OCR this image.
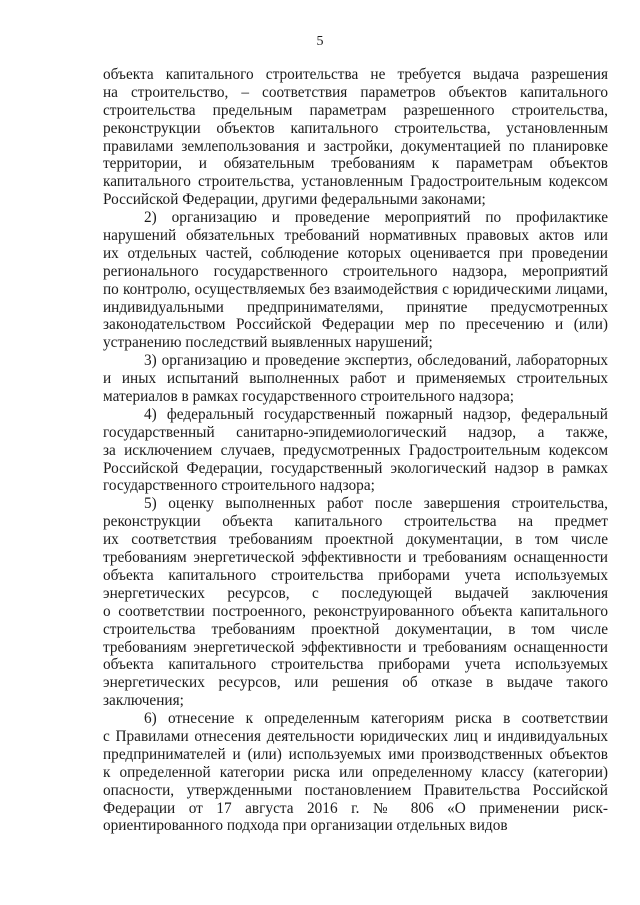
5
объекта капитального строительства не требуется выдача разрешения
на строительство, – соответствия параметров объектов капитального
строительства предельным параметрам разрешенного строительства,
реконструкции объектов капитального строительства, установленным
правилами землепользования и застройки, документацией по планировке
территории, и обязательным требованиям к параметрам объектов
капитального строительства, установленным Градостроительным кодексом
Российской Федерации, другими федеральными законами;
2) организацию и проведение мероприятий по профилактике
нарушений обязательных требований нормативных правовых актов или
их отдельных частей, соблюдение которых оценивается при проведении
регионального государственного строительного надзора, мероприятий
по контролю, осуществляемых без взаимодействия с юридическими лицами,
индивидуальными предпринимателями, принятие предусмотренных
законодательством Российской Федерации мер по пресечению и (или)
устранению последствий выявленных нарушений;
3) организацию и проведение экспертиз, обследований, лабораторных
и иных испытаний выполненных работ и применяемых строительных
материалов в рамках государственного строительного надзора;
4) федеральный государственный пожарный надзор, федеральный
государственный санитарно-эпидемиологический надзор, а также,
за исключением случаев, предусмотренных Градостроительным кодексом
Российской Федерации, государственный экологический надзор в рамках
государственного строительного надзора;
5) оценку выполненных работ после завершения строительства,
реконструкции объекта капитального строительства на предмет
их соответствия требованиям проектной документации, в том числе
требованиям энергетической эффективности и требованиям оснащенности
объекта капитального строительства приборами учета используемых
энергетических ресурсов, с последующей выдачей заключения
о соответствии построенного, реконструированного объекта капитального
строительства требованиям проектной документации, в том числе
требованиям энергетической эффективности и требованиям оснащенности
объекта капитального строительства приборами учета используемых
энергетических ресурсов, или решения об отказе в выдаче такого
заключения;
6) отнесение к определенным категориям риска в соответствии
с Правилами отнесения деятельности юридических лиц и индивидуальных
предпринимателей и (или) используемых ими производственных объектов
к определенной категории риска или определенному классу (категории)
опасности, утвержденными постановлением Правительства Российской
Федерации от 17 августа 2016 г. № 806 «О применении риск-
ориентированного подхода при организации отдельных видов
